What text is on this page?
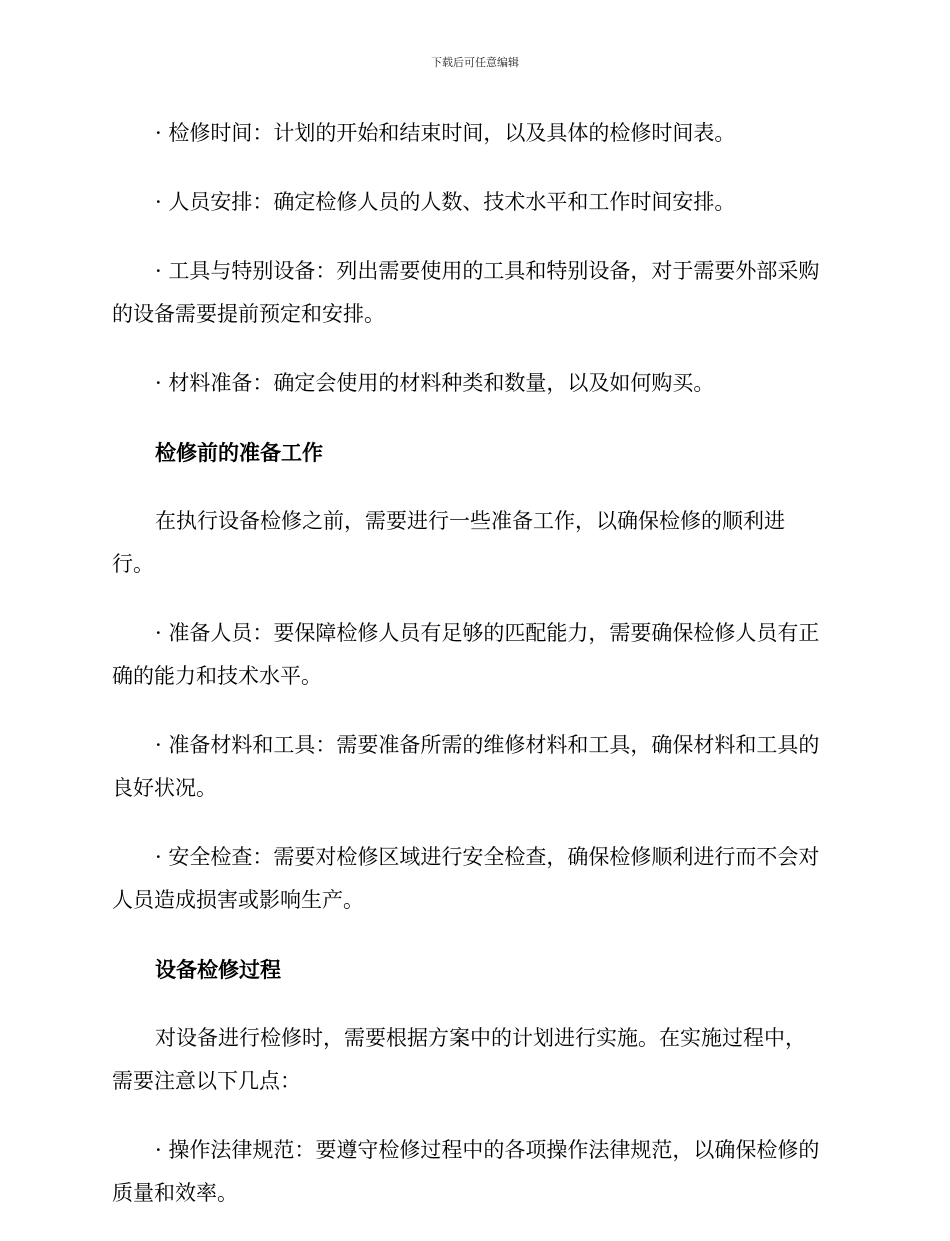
下载后可任意编辑

· 检修时间：计划的开始和结束时间，以及具体的检修时间表。

· 人员安排：确定检修人员的人数、技术水平和工作时间安排。

· 工具与特别设备：列出需要使用的工具和特别设备，对于需要外部采购的设备需要提前预定和安排。

· 材料准备：确定会使用的材料种类和数量，以及如何购买。

检修前的准备工作

在执行设备检修之前，需要进行一些准备工作，以确保检修的顺利进行。

· 准备人员：要保障检修人员有足够的匹配能力，需要确保检修人员有正确的能力和技术水平。

· 准备材料和工具：需要准备所需的维修材料和工具，确保材料和工具的良好状况。

· 安全检查：需要对检修区域进行安全检查，确保检修顺利进行而不会对人员造成损害或影响生产。

设备检修过程

对设备进行检修时，需要根据方案中的计划进行实施。在实施过程中，需要注意以下几点：

· 操作法律规范：要遵守检修过程中的各项操作法律规范，以确保检修的质量和效率。
